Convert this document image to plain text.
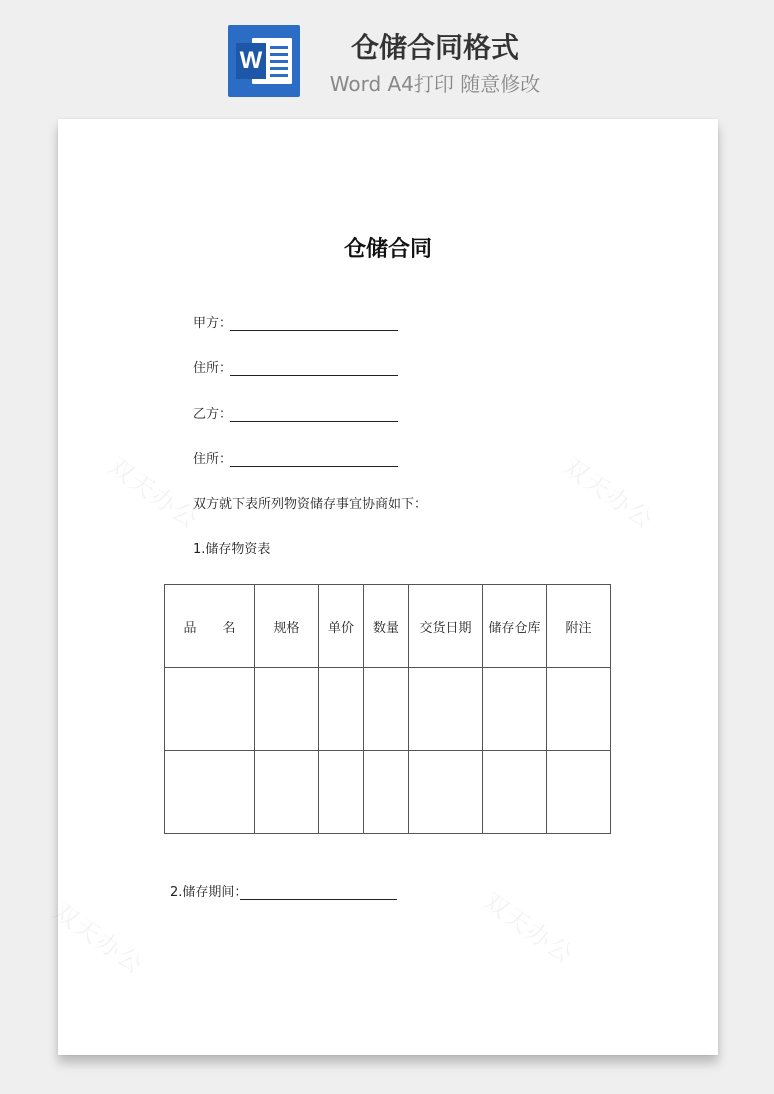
W	仓储合同格式
Word A4打印 随意修改
双天办公	双天办公
双天办公	双天办公
仓储合同
甲方：
住所：
乙方：
住所：
双方就下表所列物资储存事宜协商如下：
1.储存物资表
品　　名	规格	单价	数量	交货日期	储存仓库	附注

2.储存期间：
